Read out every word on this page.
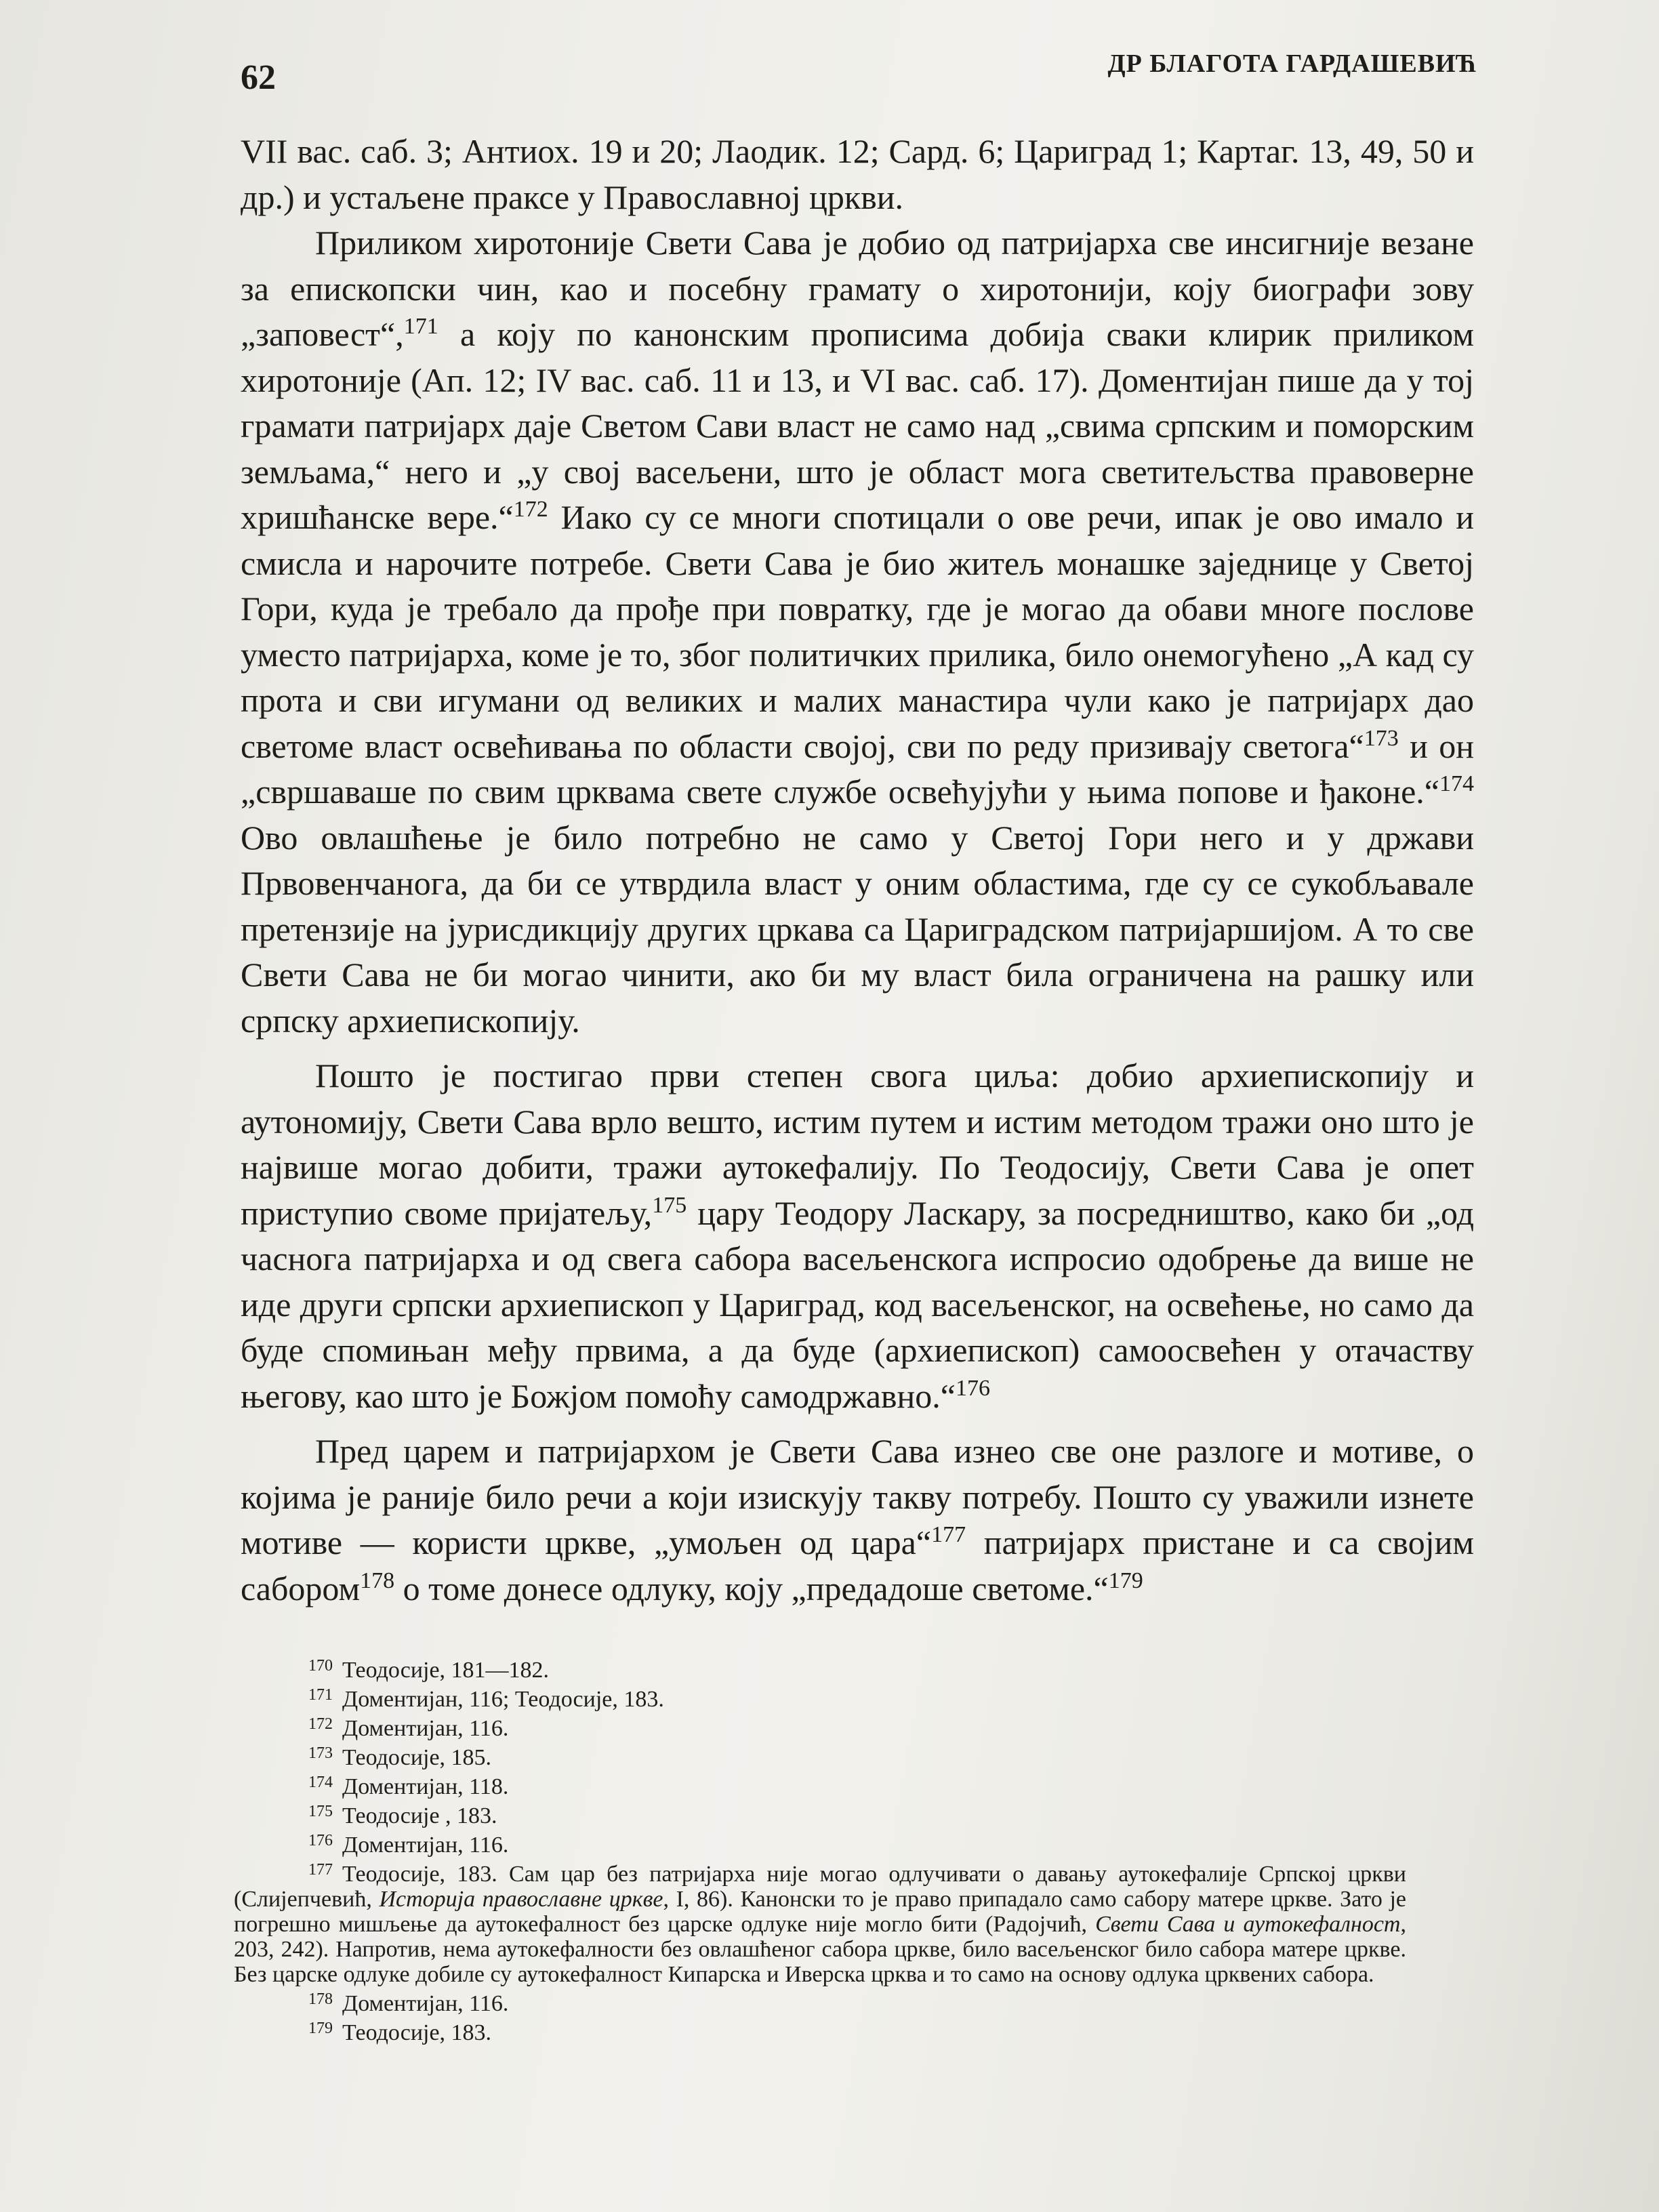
62	ДР БЛАГОТА ГАРДАШЕВИЋ

VII вас. саб. 3; Антиох. 19 и 20; Лаодик. 12; Сард. 6; Цариград 1; Картаг. 13, 49, 50 и др.) и устаљене праксе у Православној цркви.

Приликом хиротоније Свети Сава је добио од патријарха све инсигније везане за епископски чин, као и посебну грамату о хиротонији, коју биографи зову „заповест“,$^{171}$ а коју по канонским прописима добија сваки клирик приликом хиротоније (Ап. 12; IV вас. саб. 11 и 13, и VI вас. саб. 17). Доментијан пише да у тој грамати патријарх даје Светом Сави власт не само над „свима српским и поморским земљама,“ него и „у свој васељени, што је област мога светитељства правоверне хришћанске вере.“$^{172}$ Иако су се многи спотицали о ове речи, ипак је ово имало и смисла и нарочите потребе. Свети Сава је био житељ монашке заједнице у Светој Гори, куда је требало да прође при повратку, где је могао да обави многе послове уместо патријарха, коме је то, због политичких прилика, било онемогућено „А кад су прота и сви игумани од великих и малих манастира чули како је патријарх дао светоме власт освећивања по области својој, сви по реду призивају светога“$^{173}$ и он „свршаваше по свим црквама свете службе освећујући у њима попове и ђаконе.“$^{174}$ Ово овлашћење је било потребно не само у Светој Гори него и у држави Првовенчанога, да би се утврдила власт у оним областима, где су се сукобљавале претензије на јурисдикцију других цркава са Цариградском патријаршијом. А то све Свети Сава не би могао чинити, ако би му власт била ограничена на рашку или српску архиепископију.

Пошто је постигао први степен свога циља: добио архиепископију и аутономију, Свети Сава врло вешто, истим путем и истим методом тражи оно што је највише могао добити, тражи аутокефалију. По Теодосију, Свети Сава је опет приступио своме пријатељу,$^{175}$ цару Теодору Ласкару, за посредништво, како би „од часнога патријарха и од свега сабора васељенскога испросио одобрење да више не иде други српски архиепископ у Цариград, код васељенског, на освећење, но само да буде спомињан међу првима, а да буде (архиепископ) самоосвећен у отачаству његову, као што је Божјом помоћу самодржавно.“$^{176}$

Пред царем и патријархом је Свети Сава изнео све оне разлоге и мотиве, о којима је раније било речи а који изискују такву потребу. Пошто су уважили изнете мотиве — користи цркве, „умољен од цара“$^{177}$ патријарх пристане и са својим сабором$^{178}$ о томе донесе одлуку, коју „предадоше светоме.“$^{179}$

$^{170}$ Теодосије, 181—182.
$^{171}$ Доментијан, 116; Теодосије, 183.
$^{172}$ Доментијан, 116.
$^{173}$ Теодосије, 185.
$^{174}$ Доментијан, 118.
$^{175}$ Теодосије , 183.
$^{176}$ Доментијан, 116.
$^{177}$ Теодосије, 183. Сам цар без патријарха није могао одлучивати о давању аутокефалије Српској цркви (Слијепчевић, Историја православне цркве, I, 86). Канонски то је право припадало само сабору матере цркве. Зато је погрешно мишљење да аутокефалност без царске одлуке није могло бити (Радојчић, Свети Сава и аутокефалност, 203, 242). Напротив, нема аутокефалности без овлашћеног сабора цркве, било васељенског било сабора матере цркве. Без царске одлуке добиле су аутокефалност Кипарска и Иверска црква и то само на основу одлука црквених сабора.
$^{178}$ Доментијан, 116.
$^{179}$ Теодосије, 183.
